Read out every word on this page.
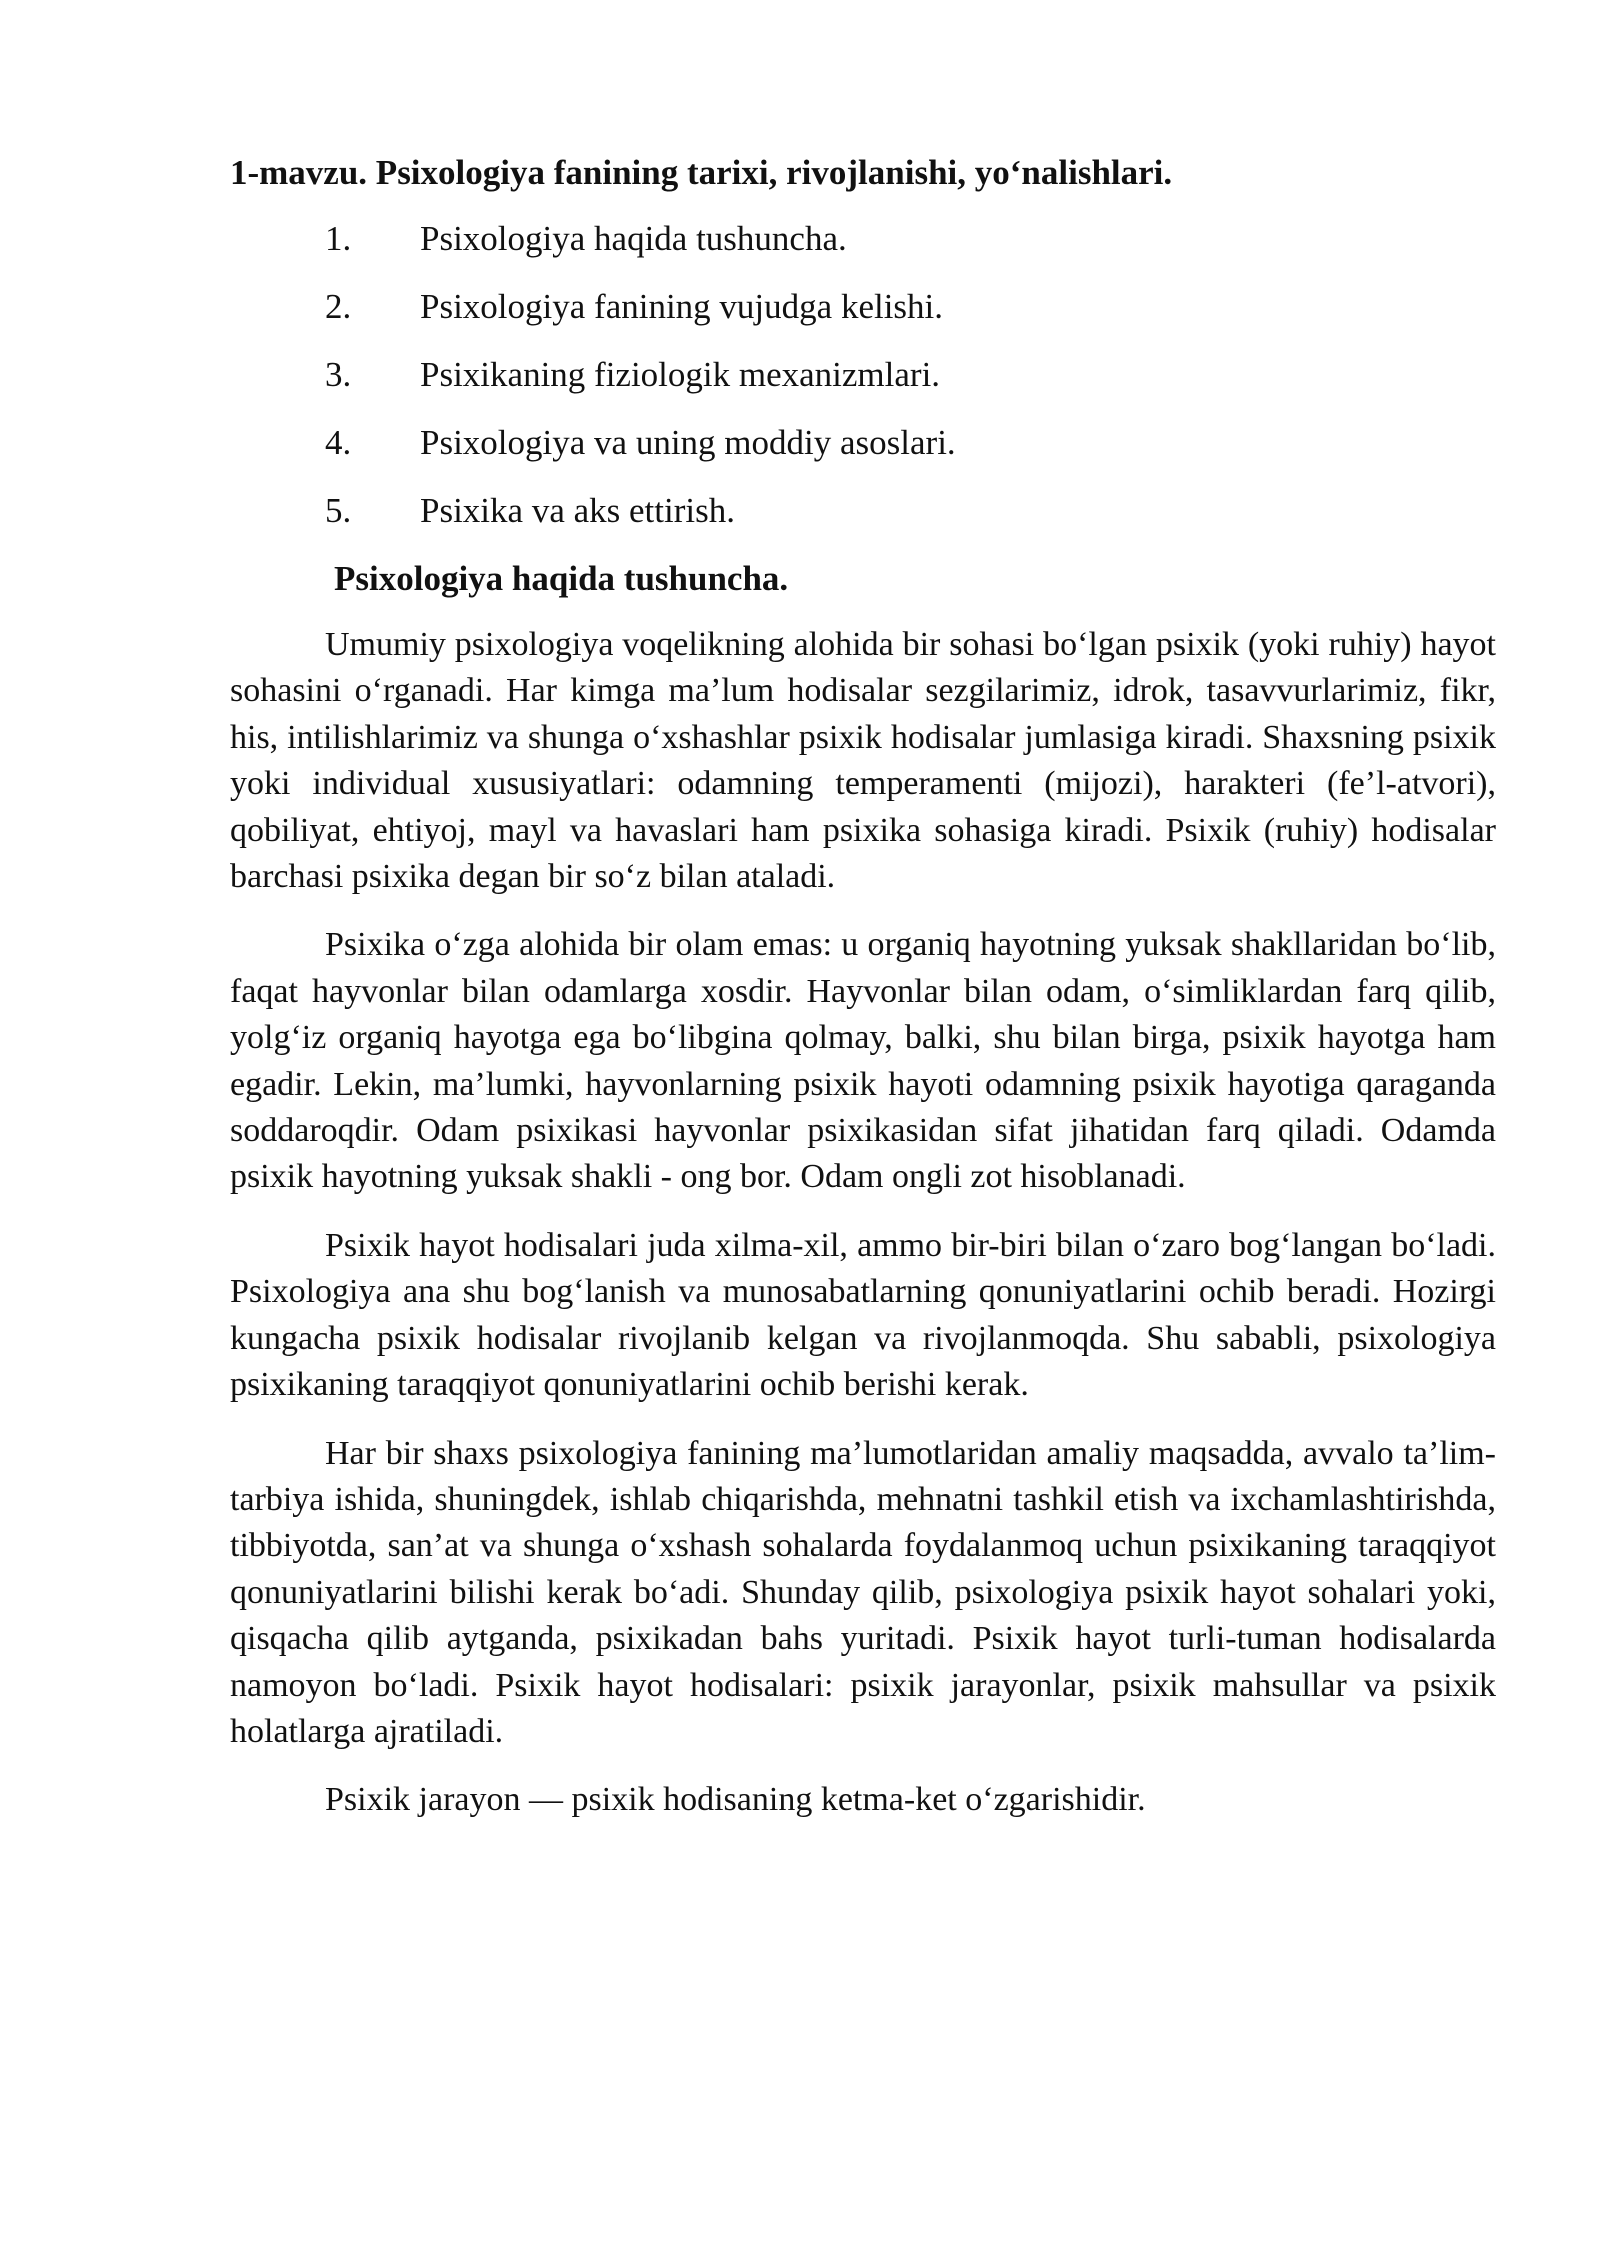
1-mavzu. Psixologiya fanining tarixi, rivojlanishi, yo‘nalishlari.
1. Psixologiya haqida tushuncha.
2. Psixologiya fanining vujudga kelishi.
3. Psixikaning fiziologik mexanizmlari.
4. Psixologiya va uning moddiy asoslari.
5. Psixika va aks ettirish.
Psixologiya haqida tushuncha.

Umumiy psixologiya voqelikning alohida bir sohasi bo‘lgan psixik (yoki ruhiy) hayot sohasini o‘rganadi. Har kimga ma’lum hodisalar sezgilarimiz, idrok, tasavvurlarimiz, fikr, his, intilishlarimiz va shunga o‘xshashlar psixik hodisalar jumlasiga kiradi. Shaxsning psixik yoki individual xususiyatlari: odamning temperamenti (mijozi), harakteri (fe’l-atvori), qobiliyat, ehtiyoj, mayl va havaslari ham psixika sohasiga kiradi. Psixik (ruhiy) hodisalar barchasi psixika degan bir so‘z bilan ataladi.

Psixika o‘zga alohida bir olam emas: u organiq hayotning yuksak shakllaridan bo‘lib, faqat hayvonlar bilan odamlarga xosdir. Hayvonlar bilan odam, o‘simliklardan farq qilib, yolg‘iz organiq hayotga ega bo‘libgina qolmay, balki, shu bilan birga, psixik hayotga ham egadir. Lekin, ma’lumki, hayvonlarning psixik hayoti odamning psixik hayotiga qaraganda soddaroqdir. Odam psixikasi hayvonlar psixikasidan sifat jihatidan farq qiladi. Odamda psixik hayotning yuksak shakli - ong bor. Odam ongli zot hisoblanadi.

Psixik hayot hodisalari juda xilma-xil, ammo bir-biri bilan o‘zaro bog‘langan bo‘ladi. Psixologiya ana shu bog‘lanish va munosabatlarning qonuniyatlarini ochib beradi. Hozirgi kungacha psixik hodisalar rivojlanib kelgan va rivojlanmoqda. Shu sababli, psixologiya psixikaning taraqqiyot qonuniyatlarini ochib berishi kerak.

Har bir shaxs psixologiya fanining ma’lumotlaridan amaliy maqsadda, avvalo ta’lim-tarbiya ishida, shuningdek, ishlab chiqarishda, mehnatni tashkil etish va ixchamlashtirishda, tibbiyotda, san’at va shunga o‘xshash sohalarda foydalanmoq uchun psixikaning taraqqiyot qonuniyatlarini bilishi kerak bo‘adi. Shunday qilib, psixologiya psixik hayot sohalari yoki, qisqacha qilib aytganda, psixikadan bahs yuritadi. Psixik hayot turli-tuman hodisalarda namoyon bo‘ladi. Psixik hayot hodisalari: psixik jarayonlar, psixik mahsullar va psixik holatlarga ajratiladi.

Psixik jarayon — psixik hodisaning ketma-ket o‘zgarishidir.
